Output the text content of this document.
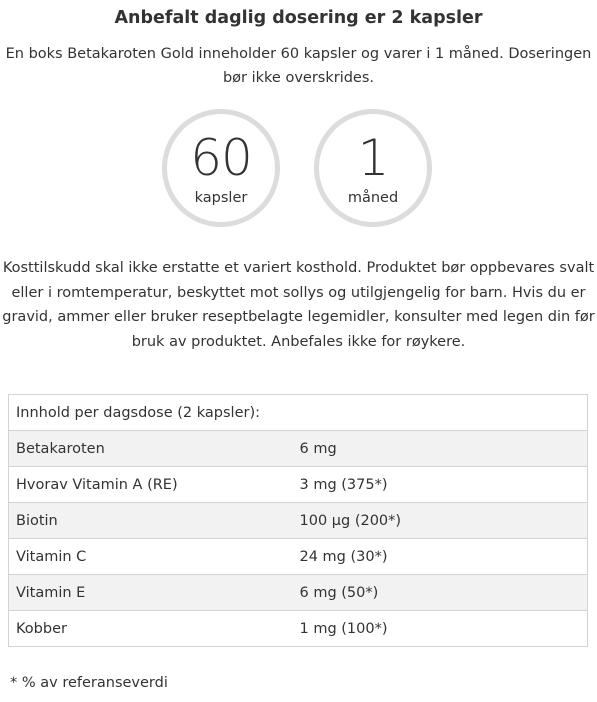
Anbefalt daglig dosering er 2 kapsler
En boks Betakaroten Gold inneholder 60 kapsler og varer i 1 måned. Doseringen
bør ikke overskrides.
60
kapsler
1
måned
Kosttilskudd skal ikke erstatte et variert kosthold. Produktet bør oppbevares svalt
eller i romtemperatur, beskyttet mot sollys og utilgjengelig for barn. Hvis du er
gravid, ammer eller bruker reseptbelagte legemidler, konsulter med legen din før
bruk av produktet. Anbefales ikke for røykere.
Innhold per dagsdose (2 kapsler):	
Betakaroten	6 mg
Hvorav Vitamin A (RE)	3 mg (375*)
Biotin	100 µg (200*)
Vitamin C	24 mg (30*)
Vitamin E	6 mg (50*)
Kobber	1 mg (100*)
* % av referanseverdi
